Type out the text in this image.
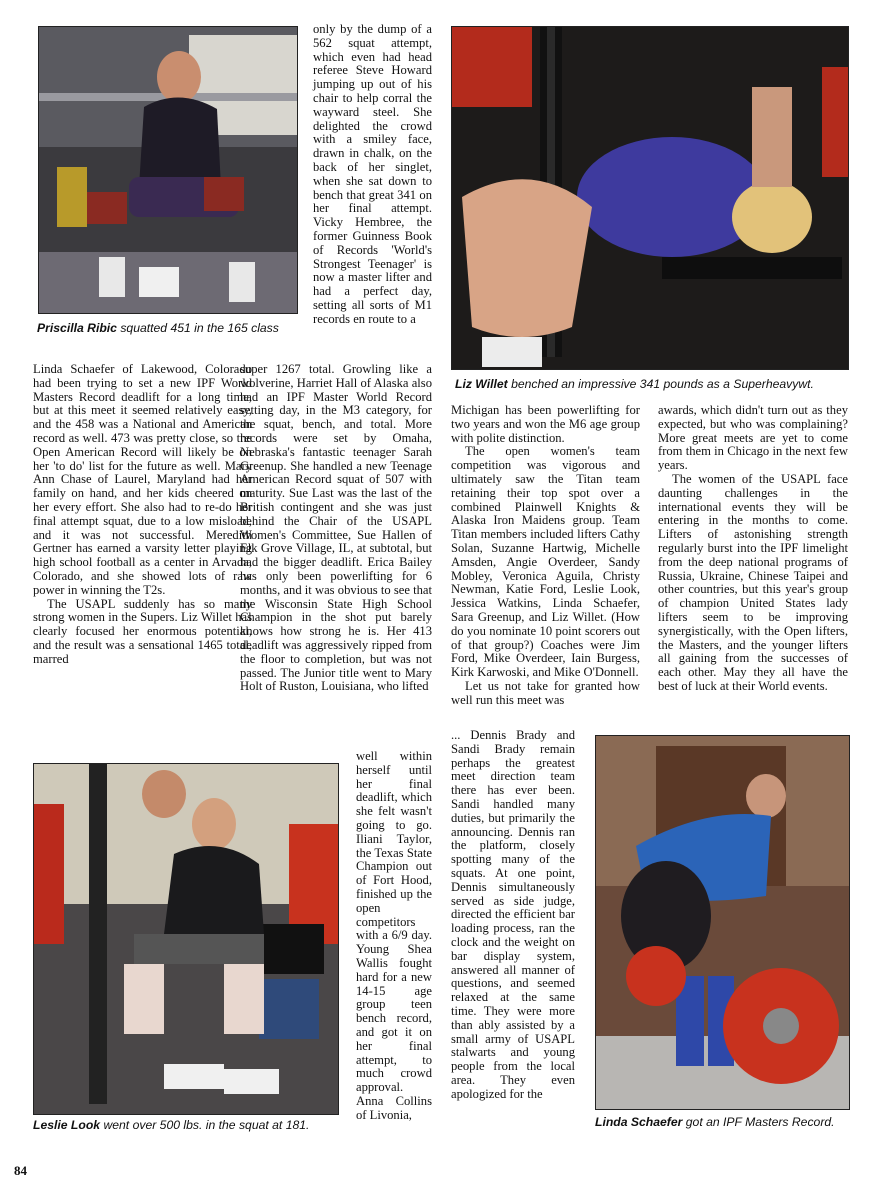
Priscilla Ribic squatted 451 in the 165 class
Liz Willet benched an impressive 341 pounds as a Superheavywt.
Leslie Look went over 500 lbs. in the squat at 181.	Linda Schaefer got an IPF Masters Record.

only by the dump of a 562 squat attempt, which even had head referee Steve Howard jumping up out of his chair to help corral the wayward steel. She delighted the crowd with a smiley face, drawn in chalk, on the back of her singlet, when she sat down to bench that great 341 on her final attempt. Vicky Hembree, the former Guinness Book of Records 'World's Strongest Teenager' is now a master lifter and had a perfect day, setting all sorts of M1 records en route to a

Linda Schaefer of Lakewood, Colorado had been trying to set a new IPF World Masters Record deadlift for a long time, but at this meet it seemed relatively easy, and the 458 was a National and American record as well. 473 was pretty close, so the Open American Record will likely be on her 'to do' list for the future as well. Mary Ann Chase of Laurel, Maryland had her family on hand, and her kids cheered on her every effort. She also had to re-do her final attempt squat, due to a low misload, and it was not successful. Meredith Gertner has earned a varsity letter playing high school football as a center in Arvada, Colorado, and she showed lots of raw power in winning the T2s.

The USAPL suddenly has so many strong women in the Supers. Liz Willet has clearly focused her enormous potential, and the result was a sensational 1465 total, marred

super 1267 total. Growling like a wolverine, Harriet Hall of Alaska also had an IPF Master World Record setting day, in the M3 category, for the squat, bench, and total. More records were set by Omaha, Nebraska's fantastic teenager Sarah Greenup. She handled a new Teenage American Record squat of 507 with maturity. Sue Last was the last of the British contingent and she was just behind the Chair of the USAPL Women's Committee, Sue Hallen of Elk Grove Village, IL, at subtotal, but had the bigger deadlift. Erica Bailey has only been powerlifting for 6 months, and it was obvious to see that the Wisconsin State High School Champion in the shot put barely knows how strong he is. Her 413 deadlift was aggressively ripped from the floor to completion, but was not passed. The Junior title went to Mary Holt of Ruston, Louisiana, who lifted

well within herself until her final deadlift, which she felt wasn't going to go. Iliani Taylor, the Texas State Champion out of Fort Hood, finished up the open competitors with a 6/9 day. Young Shea Wallis fought hard for a new 14-15 age group teen bench record, and got it on her final attempt, to much crowd approval. Anna Collins of Livonia,

Michigan has been powerlifting for two years and won the M6 age group with polite distinction.

The open women's team competition was vigorous and ultimately saw the Titan team retaining their top spot over a combined Plainwell Knights & Alaska Iron Maidens group. Team Titan members included lifters Cathy Solan, Suzanne Hartwig, Michelle Amsden, Angie Overdeer, Sandy Mobley, Veronica Aguila, Christy Newman, Katie Ford, Leslie Look, Jessica Watkins, Linda Schaefer, Sara Greenup, and Liz Willet. (How do you nominate 10 point scorers out of that group?) Coaches were Jim Ford, Mike Overdeer, Iain Burgess, Kirk Karwoski, and Mike O'Donnell.

Let us not take for granted how well run this meet was

... Dennis Brady and Sandi Brady remain perhaps the greatest meet direction team there has ever been. Sandi handled many duties, but primarily the announcing. Dennis ran the platform, closely spotting many of the squats. At one point, Dennis simultaneously served as side judge, directed the efficient bar loading process, ran the clock and the weight on bar display system, answered all manner of questions, and seemed relaxed at the same time. They were more than ably assisted by a small army of USAPL stalwarts and young people from the local area. They even apologized for the

awards, which didn't turn out as they expected, but who was complaining? More great meets are yet to come from them in Chicago in the next few years.

The women of the USAPL face daunting challenges in the international events they will be entering in the months to come. Lifters of astonishing strength regularly burst into the IPF limelight from the deep national programs of Russia, Ukraine, Chinese Taipei and other countries, but this year's group of champion United States lady lifters seem to be improving synergistically, with the Open lifters, the Masters, and the younger lifters all gaining from the successes of each other. May they all have the best of luck at their World events.

84
